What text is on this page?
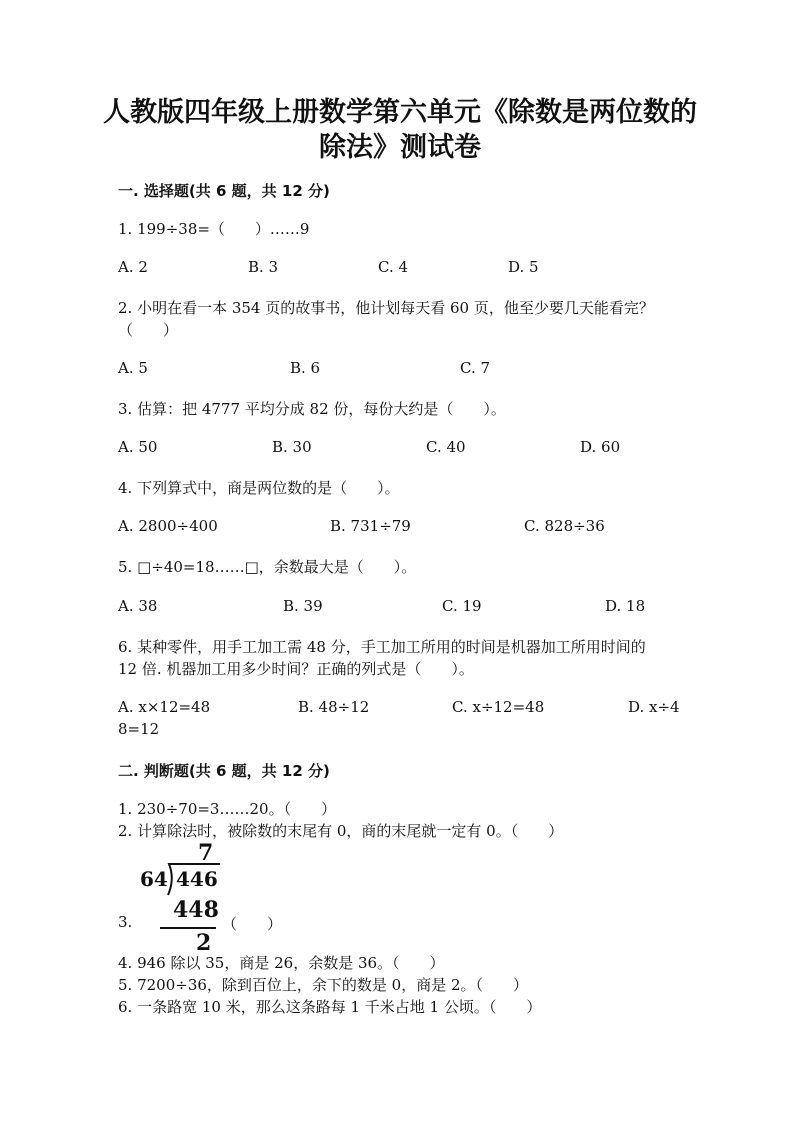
人教版四年级上册数学第六单元《除数是两位数的
除法》测试卷
一. 选择题(共 6 题，共 12 分)
1. 199÷38=（　　）……9
A. 2	B. 3	C. 4	D. 5
2. 小明在看一本 354 页的故事书，他计划每天看 60 页，他至少要几天能看完？
（　　）
A. 5	B. 6	C. 7
3. 估算：把 4777 平均分成 82 份，每份大约是（　　）。
A. 50	B. 30	C. 40	D. 60
4. 下列算式中，商是两位数的是（　　）。
A. 2800÷400	B. 731÷79	C. 828÷36
5. □÷40=18……□，余数最大是（　　）。
A. 38	B. 39	C. 19	D. 18
6. 某种零件，用手工加工需 48 分，手工加工所用的时间是机器加工所用时间的
12 倍. 机器加工用多少时间？正确的列式是（　　）。
A. x×12=48	B. 48÷12	C. x÷12=48	D. x÷4
8=12
二. 判断题(共 6 题，共 12 分)
1. 230÷70=3……20。（　　）
2. 计算除法时，被除数的末尾有 0，商的末尾就一定有 0。（　　）
7
64 446
448
2
3.	（　　）
4. 946 除以 35，商是 26，余数是 36。（　　）
5. 7200÷36，除到百位上，余下的数是 0，商是 2。（　　）
6. 一条路宽 10 米，那么这条路每 1 千米占地 1 公顷。（　　）
